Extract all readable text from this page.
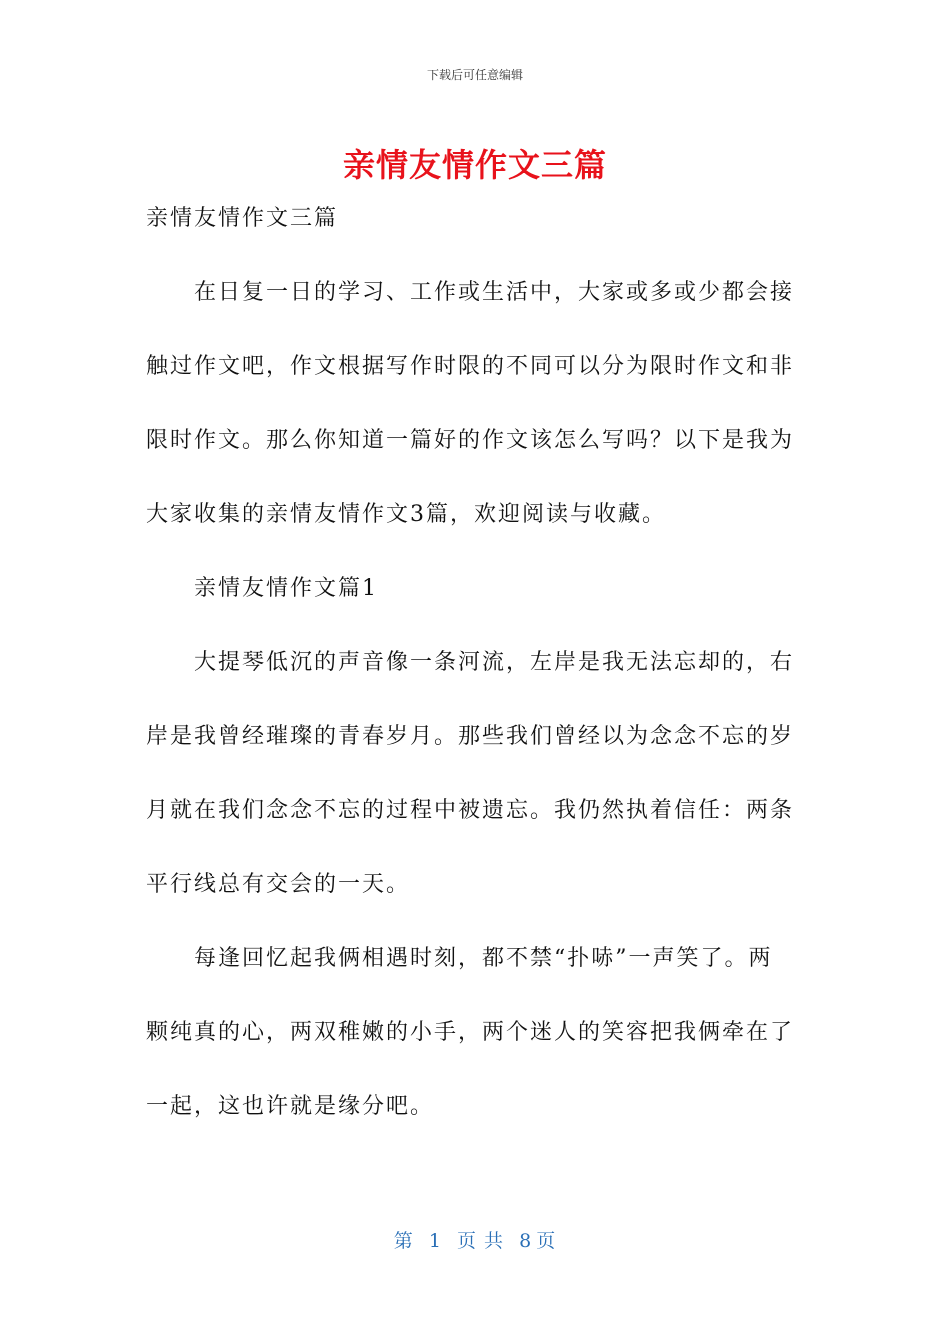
下载后可任意编辑
亲情友情作文三篇
亲情友情作文三篇
在日复一日的学习、工作或生活中，大家或多或少都会接
触过作文吧，作文根据写作时限的不同可以分为限时作文和非
限时作文。那么你知道一篇好的作文该怎么写吗？以下是我为
大家收集的亲情友情作文3篇，欢迎阅读与收藏。
亲情友情作文篇1
大提琴低沉的声音像一条河流，左岸是我无法忘却的，右
岸是我曾经璀璨的青春岁月。那些我们曾经以为念念不忘的岁
月就在我们念念不忘的过程中被遗忘。我仍然执着信任：两条
平行线总有交会的一天。
每逢回忆起我俩相遇时刻，都不禁“扑哧”一声笑了。两
颗纯真的心，两双稚嫩的小手，两个迷人的笑容把我俩牵在了
一起，这也许就是缘分吧。
第 1 页 共 8 页
